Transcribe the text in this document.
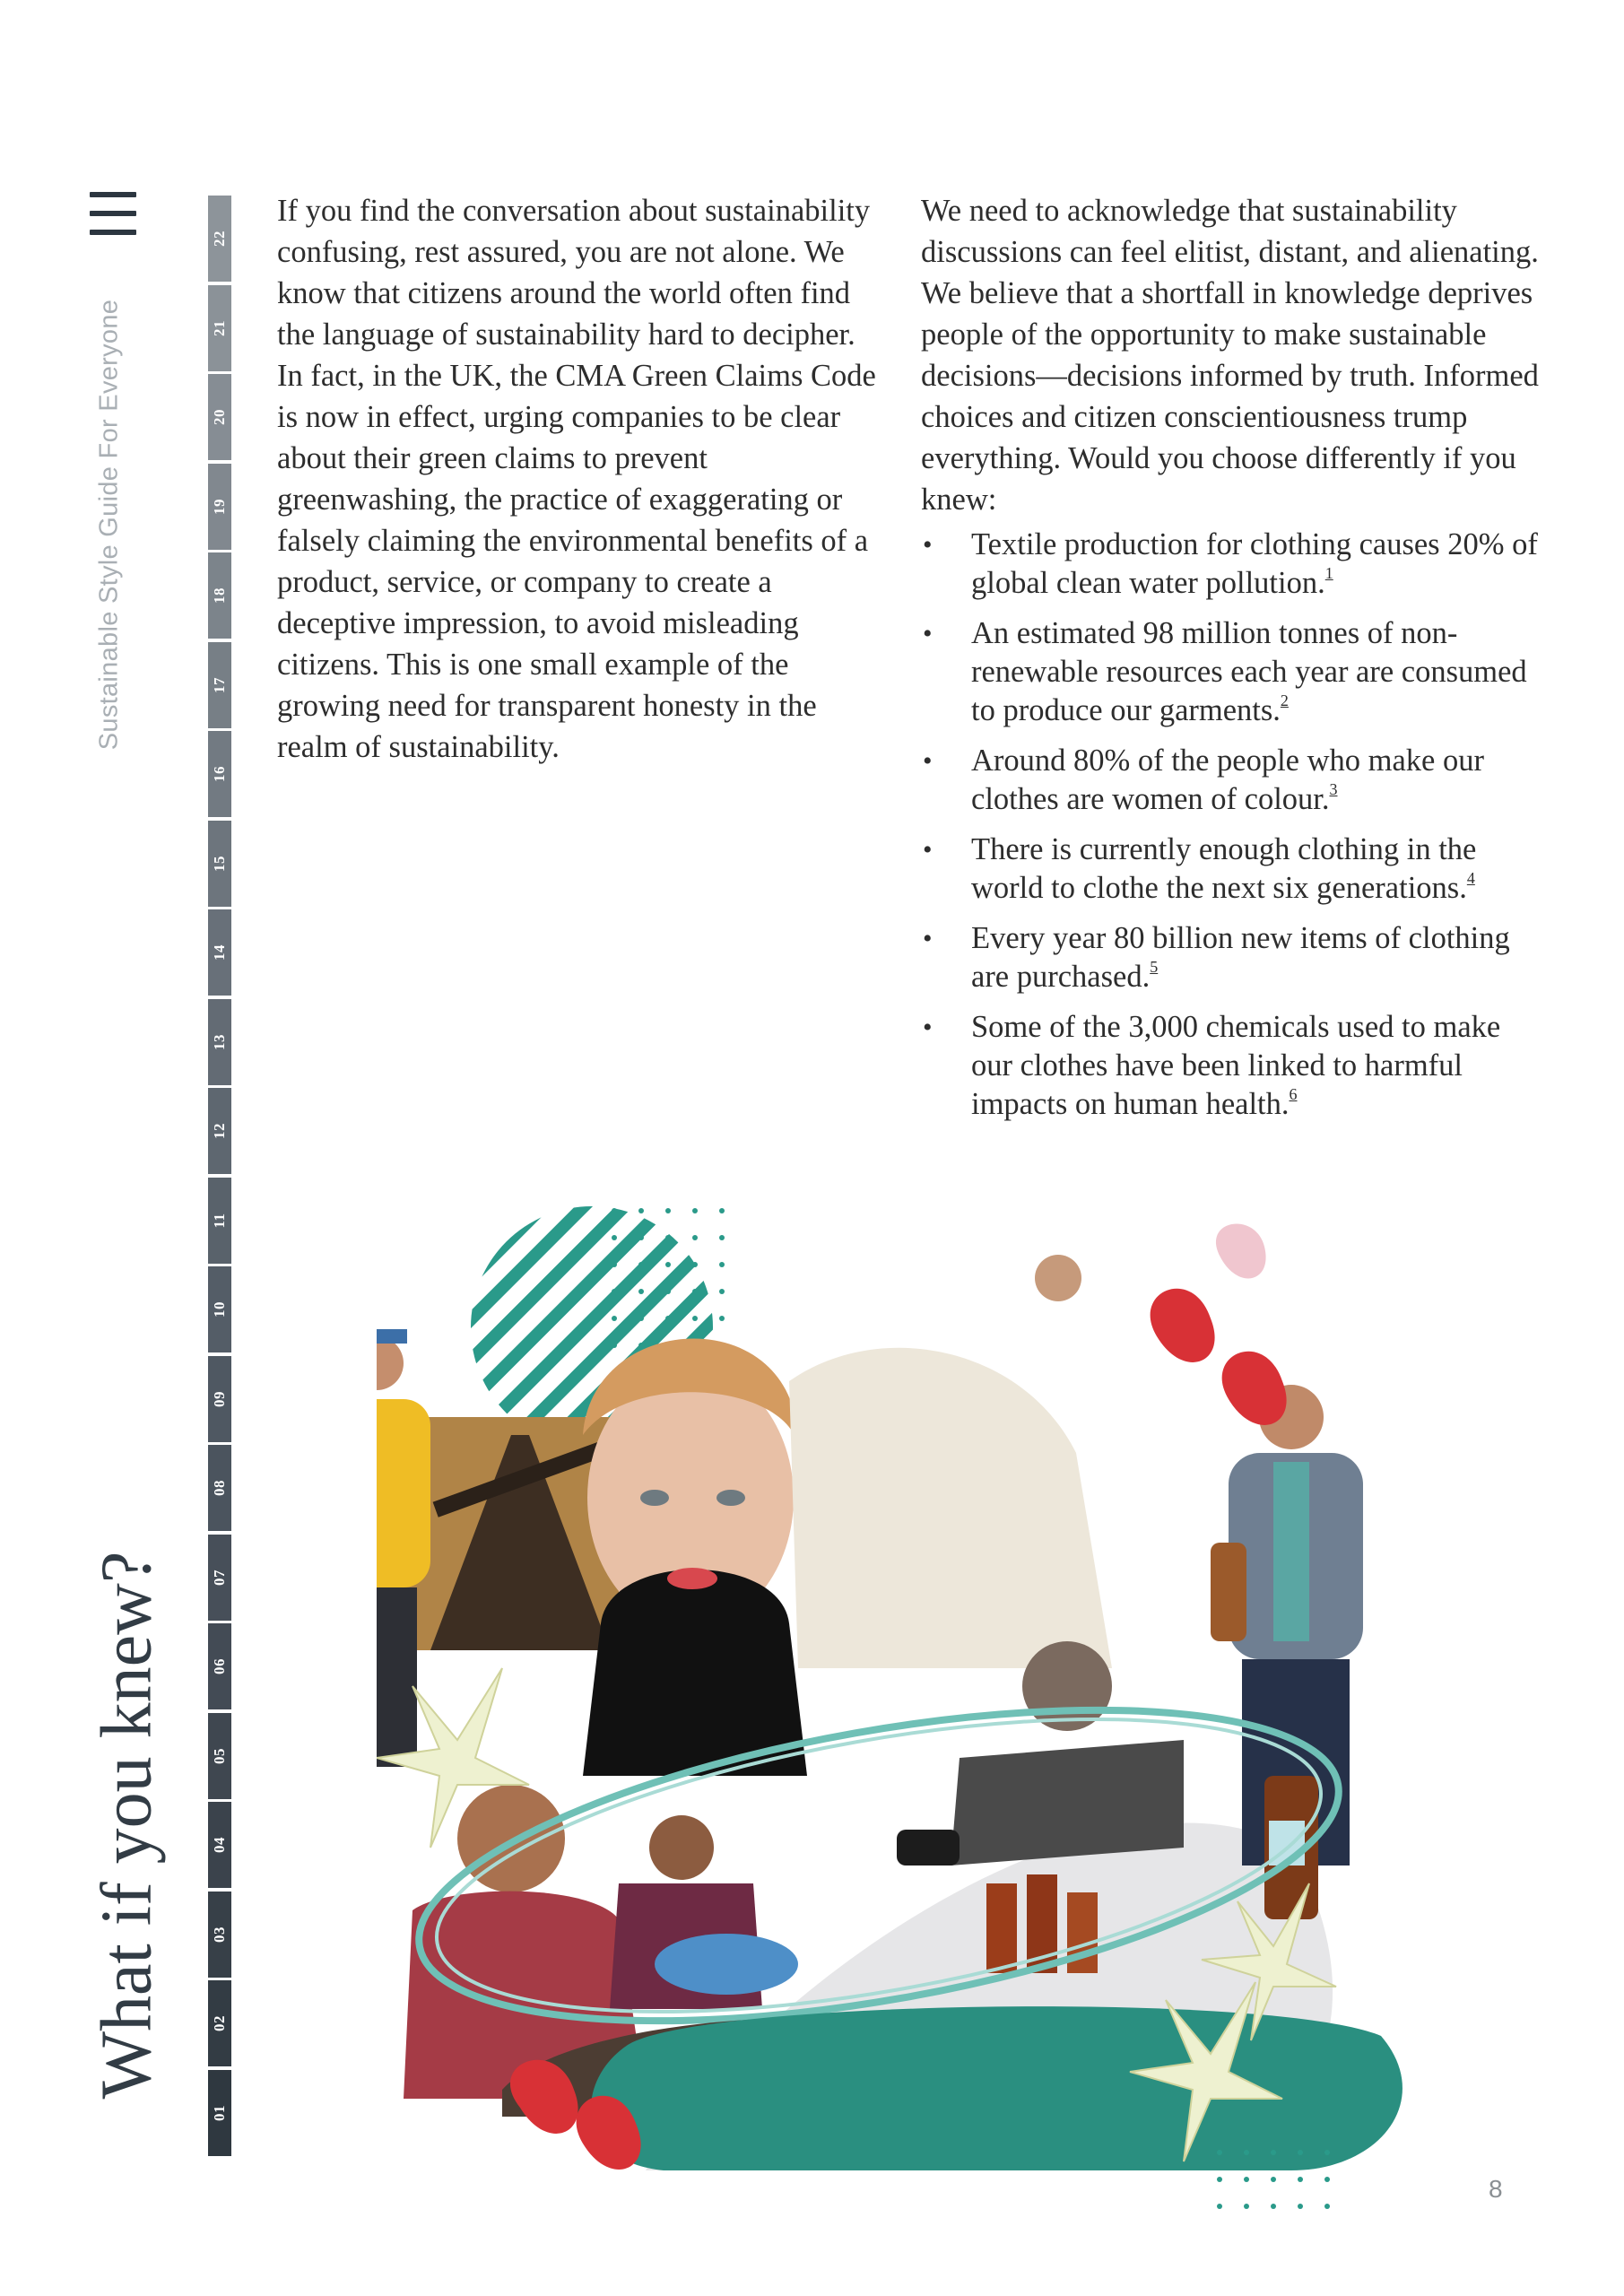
Sustainable Style Guide For Everyone
What if you knew?
22
21
20
19
18
17
16
15
14
13
12
11
10
09
08
07
06
05
04
03
02
01

If you find the conversation about sustainability confusing, rest assured, you are not alone. We know that citizens around the world often find the language of sustainability hard to decipher. In fact, in the UK, the CMA Green Claims Code is now in effect, urging companies to be clear about their green claims to prevent greenwashing, the practice of exaggerating or falsely claiming the environmental benefits of a product, service, or company to create a deceptive impression, to avoid misleading citizens. This is one small example of the growing need for transparent honesty in the realm of sustainability.

We need to acknowledge that sustainability discussions can feel elitist, distant, and alienating. We believe that a shortfall in knowledge deprives people of the opportunity to make sustainable decisions—decisions informed by truth. Informed choices and citizen conscientiousness trump everything. Would you choose differently if you knew:

• Textile production for clothing causes 20% of global clean water pollution.$^1$
• An estimated 98 million tonnes of non-renewable resources each year are consumed to produce our garments.$^2$
• Around 80% of the people who make our clothes are women of colour.$^3$
• There is currently enough clothing in the world to clothe the next six generations.$^4$
• Every year 80 billion new items of clothing are purchased.$^5$
• Some of the 3,000 chemicals used to make our clothes have been linked to harmful impacts on human health.$^6$
8
